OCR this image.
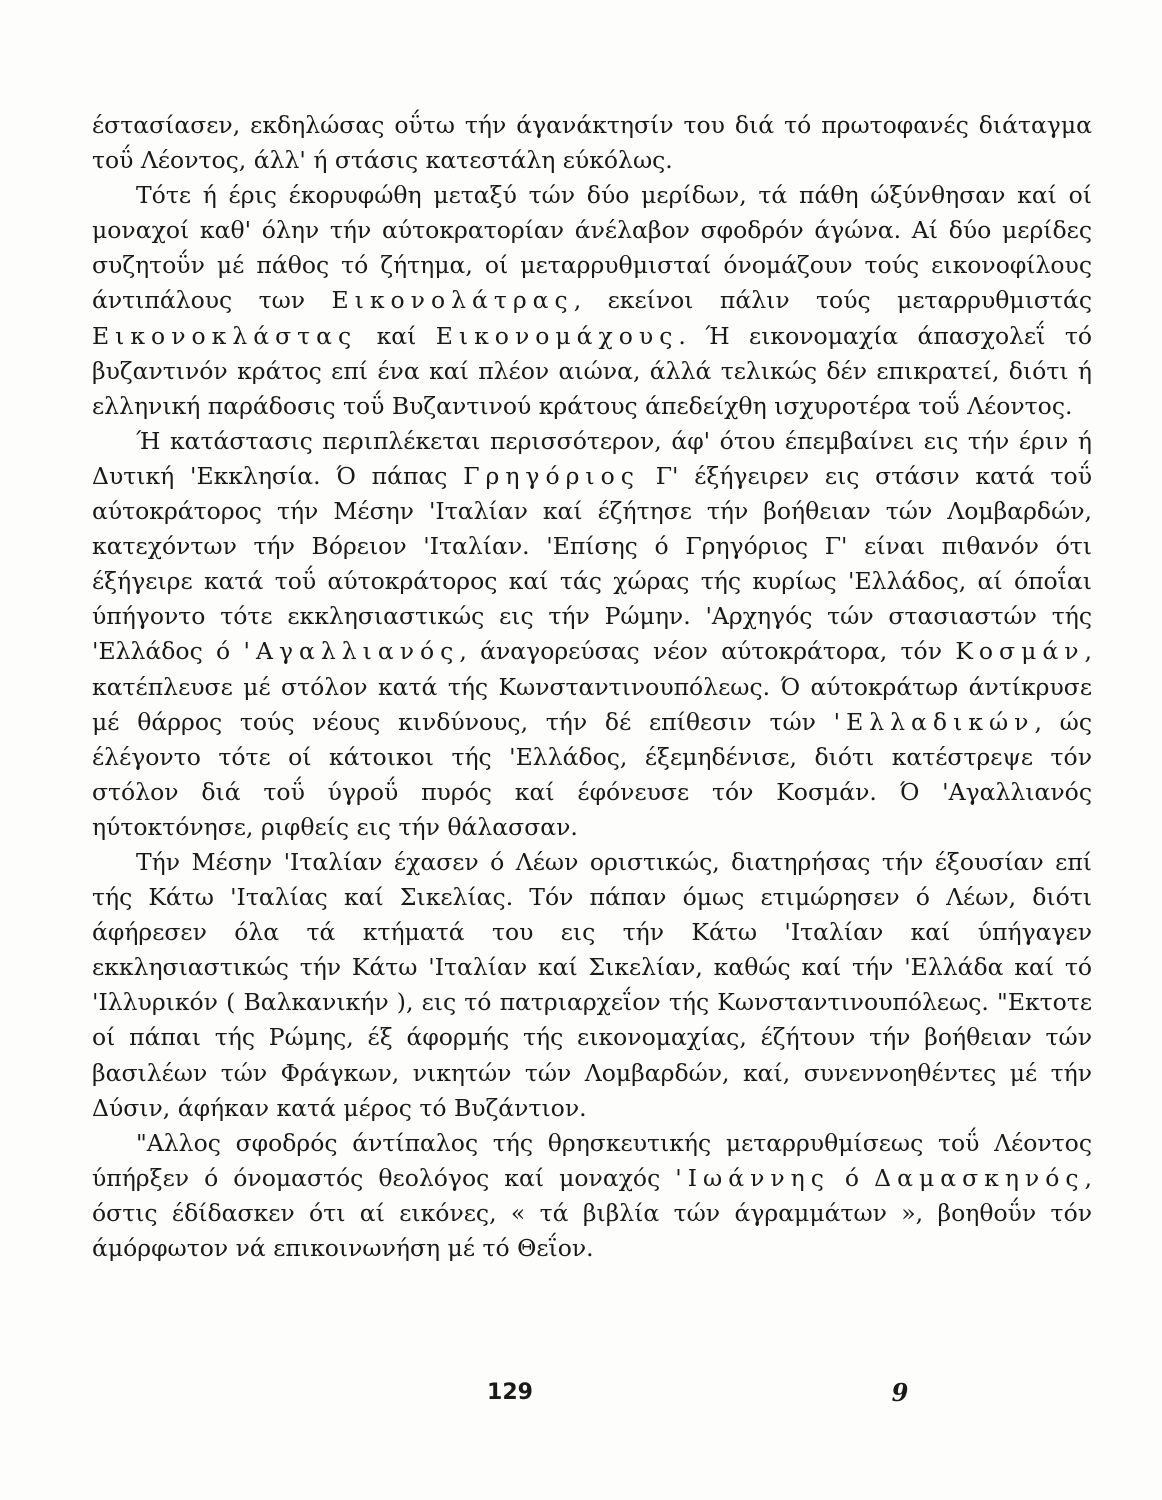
έστασίασεν, εκδηλώσας οΰτω τήν άγανάκτησίν του διά τό πρωτοφανές διάταγμα τοΰ Λέοντος, άλλ' ή στάσις κατεστάλη εύκόλως.

Τότε ή έρις έκορυφώθη μεταξύ τών δύο μερίδων, τά πάθη ώξύνθησαν καί οί μοναχοί καθ' όλην τήν αύτοκρατορίαν άνέλαβον σφοδρόν άγώνα. Αί δύο μερίδες συζητοΰν μέ πάθος τό ζήτημα, οί μεταρρυθμισταί όνομάζουν τούς εικονοφίλους άντιπάλους των Εικονολάτρας, εκείνοι πάλιν τούς μεταρρυθμιστάς Εικονοκλάστας καί Εικονομάχους. Ή εικονομαχία άπασχολεΐ τό βυζαντινόν κράτος επί ένα καί πλέον αιώνα, άλλά τελικώς δέν επικρατεί, διότι ή ελληνική παράδοσις τοΰ Βυζαντινού κράτους άπεδείχθη ισχυροτέρα τοΰ Λέοντος.

Ή κατάστασις περιπλέκεται περισσότερον, άφ' ότου έπεμβαίνει εις τήν έριν ή Δυτική 'Εκκλησία. Ό πάπας Γρηγόριος Γ' έξήγειρεν εις στάσιν κατά τοΰ αύτοκράτορος τήν Μέσην 'Ιταλίαν καί έζήτησε τήν βοήθειαν τών Λομβαρδών, κατεχόντων τήν Βόρειον 'Ιταλίαν. 'Επίσης ό Γρηγόριος Γ' είναι πιθανόν ότι έξήγειρε κατά τοΰ αύτοκράτορος καί τάς χώρας τής κυρίως 'Ελλάδος, αί όποΐαι ύπήγοντο τότε εκκλησιαστικώς εις τήν Ρώμην. 'Αρχηγός τών στασιαστών τής 'Ελλάδος ό 'Αγαλλιανός, άναγορεύσας νέον αύτοκράτορα, τόν Κοσμάν, κατέπλευσε μέ στόλον κατά τής Κωνσταντινουπόλεως. Ό αύτοκράτωρ άντίκρυσε μέ θάρρος τούς νέους κινδύνους, τήν δέ επίθεσιν τών 'Ελλαδικών, ώς έλέγοντο τότε οί κάτοικοι τής 'Ελλάδος, έξεμηδένισε, διότι κατέστρεψε τόν στόλον διά τοΰ ύγροΰ πυρός καί έφόνευσε τόν Κοσμάν. Ό 'Αγαλλιανός ηύτοκτόνησε, ριφθείς εις τήν θάλασσαν.

Τήν Μέσην 'Ιταλίαν έχασεν ό Λέων οριστικώς, διατηρήσας τήν έξουσίαν επί τής Κάτω 'Ιταλίας καί Σικελίας. Τόν πάπαν όμως ετιμώρησεν ό Λέων, διότι άφήρεσεν όλα τά κτήματά του εις τήν Κάτω 'Ιταλίαν καί ύπήγαγεν εκκλησιαστικώς τήν Κάτω 'Ιταλίαν καί Σικελίαν, καθώς καί τήν 'Ελλάδα καί τό 'Ιλλυρικόν ( Βαλκανικήν ), εις τό πατριαρχεΐον τής Κωνσταντινουπόλεως. "Εκτοτε οί πάπαι τής Ρώμης, έξ άφορμής τής εικονομαχίας, έζήτουν τήν βοήθειαν τών βασιλέων τών Φράγκων, νικητών τών Λομβαρδών, καί, συνεννοηθέντες μέ τήν Δύσιν, άφήκαν κατά μέρος τό Βυζάντιον.

"Αλλος σφοδρός άντίπαλος τής θρησκευτικής μεταρρυθμίσεως τοΰ Λέοντος ύπήρξεν ό όνομαστός θεολόγος καί μοναχός 'Ιωάννης ό Δαμασκηνός, όστις έδίδασκεν ότι αί εικόνες, « τά βιβλία τών άγραμμάτων », βοηθοΰν τόν άμόρφωτον νά επικοινωνήση μέ τό Θεΐον.

129	9
